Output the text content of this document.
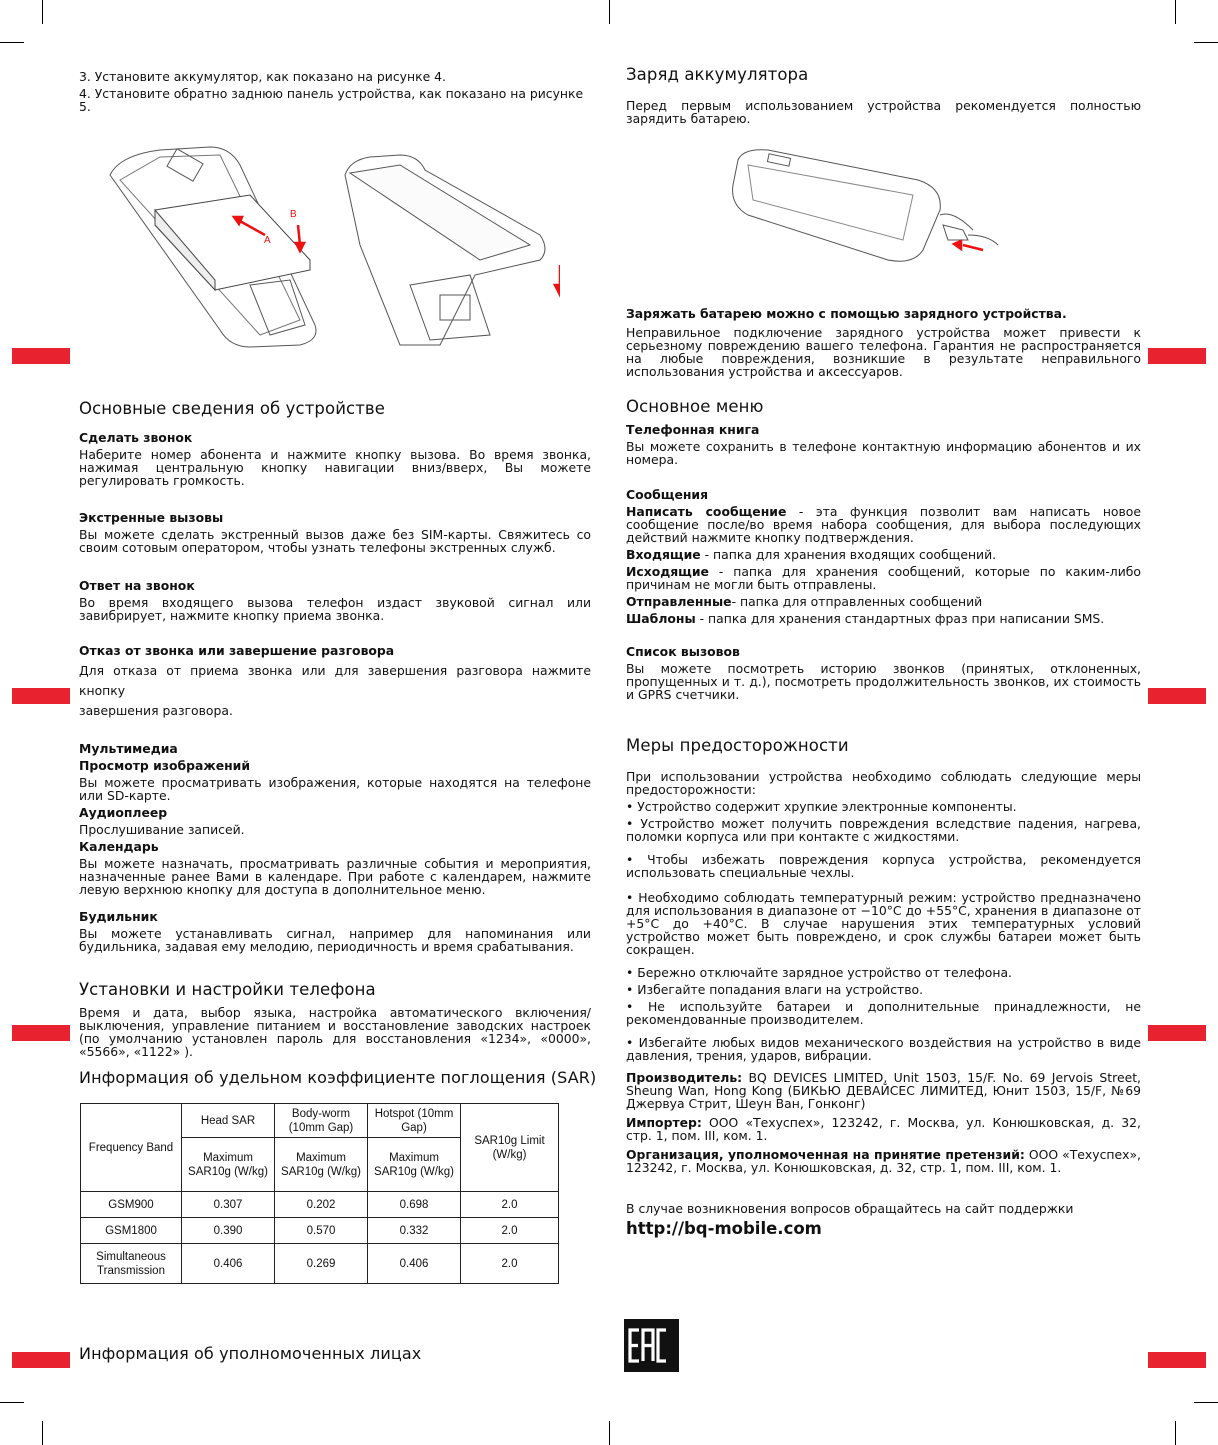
3. Установите аккумулятор, как показано на рисунке 4.

4. Установите обратно заднюю панель устройства, как показано на рисунке 5.

B
A
Основные сведения об устройстве
Сделать звонок

Наберите номер абонента и нажмите кнопку вызова. Во время звонка, нажимая центральную кнопку навигации вниз/вверх, Вы можете регулировать громкость.

Экстренные вызовы

Вы можете сделать экстренный вызов даже без SIM-карты. Свяжитесь со своим сотовым оператором, чтобы узнать телефоны экстренных служб.

Ответ на звонок

Во время входящего вызова телефон издаст звуковой сигнал или завибрирует, нажмите кнопку приема звонка.

Отказ от звонка или завершение разговора

Для отказа от приема звонка или для завершения разговора нажмите кнопку

завершения разговора.

Мультимедиа
Просмотр изображений

Вы можете просматривать изображения, которые находятся на телефоне или SD-карте.

Аудиоплеер

Прослушивание записей.

Календарь

Вы можете назначать, просматривать различные события и мероприятия, назначенные ранее Вами в календаре. При работе с календарем, нажмите левую верхнюю кнопку для доступа в дополнительное меню.

Будильник

Вы можете устанавливать сигнал, например для напоминания или будильника, задавая ему мелодию, периодичность и время срабатывания.

Установки и настройки телефона

Время и дата, выбор языка, настройка автоматического включения/выключения, управление питанием и восстановление заводских настроек (по умолчанию установлен пароль для восстановления «1234», «0000», «5566», «1122» ).

Информация об удельном коэффициенте поглощения (SAR)
Frequency Band	Head SAR	Body-worm (10mm Gap)	Hotspot (10mm Gap)	SAR10g Limit (W/kg)
	Maximum SAR10g (W/kg)	Maximum SAR10g (W/kg)	Maximum SAR10g (W/kg)	
GSM900	0.307	0.202	0.698	2.0
GSM1800	0.390	0.570	0.332	2.0
Simultaneous Transmission	0.406	0.269	0.406	2.0
Информация об уполномоченных лицах
Заряд аккумулятора

Перед первым использованием устройства рекомендуется полностью зарядить батарею.

Заряжать батарею можно с помощью зарядного устройства.

Неправильное подключение зарядного устройства может привести к серьезному повреждению вашего телефона. Гарантия не распространяется на любые повреждения, возникшие в результате неправильного использования устройства и аксессуаров.

Основное меню
Телефонная книга

Вы можете сохранить в телефоне контактную информацию абонентов и их номера.

Сообщения

Написать сообщение - эта функция позволит вам написать новое сообщение после/во время набора сообщения, для выбора последующих действий нажмите кнопку подтверждения.

Входящие - папка для хранения входящих сообщений.

Исходящие - папка для хранения сообщений, которые по каким-либо причинам не могли быть отправлены.

Отправленные- папка для отправленных сообщений

Шаблоны - папка для хранения стандартных фраз при написании SMS.

Список вызовов

Вы можете посмотреть историю звонков (принятых, отклоненных, пропущенных и т. д.), посмотреть продолжительность звонков, их стоимость и GPRS счетчики.

Меры предосторожности

При использовании устройства необходимо соблюдать следующие меры предосторожности:

• Устройство содержит хрупкие электронные компоненты.

• Устройство может получить повреждения вследствие падения, нагрева, поломки корпуса или при контакте с жидкостями.

• Чтобы избежать повреждения корпуса устройства, рекомендуется использовать специальные чехлы.

• Необходимо соблюдать температурный режим: устройство предназначено для использования в диапазоне от −10°С до +55°С, хранения в диапазоне от +5°С до +40°С. В случае нарушения этих температурных условий устройство может быть повреждено, и срок службы батареи может быть сокращен.

• Бережно отключайте зарядное устройство от телефона.

• Избегайте попадания влаги на устройство.

• Не используйте батареи и дополнительные принадлежности, не рекомендованные производителем.

• Избегайте любых видов механического воздействия на устройство в виде давления, трения, ударов, вибрации.

Производитель: BQ DEVICES LIMITED, Unit 1503, 15/F. No. 69 Jervois Street, Sheung Wan, Hong Kong (БИКЬЮ ДЕВАЙСЕС ЛИМИТЕД, Юнит 1503, 15/F, №69 Джервуа Стрит, Шеун Ван, Гонконг)

Импортер: ООО «Техуспех», 123242, г. Москва, ул. Конюшковская, д. 32, стр. 1, пом. III, ком. 1.

Организация, уполномоченная на принятие претензий: ООО «Техуспех», 123242, г. Москва, ул. Конюшковская, д. 32, стр. 1, пом. III, ком. 1.

В случае возникновения вопросов обращайтесь на сайт поддержки

http://bq-mobile.com
